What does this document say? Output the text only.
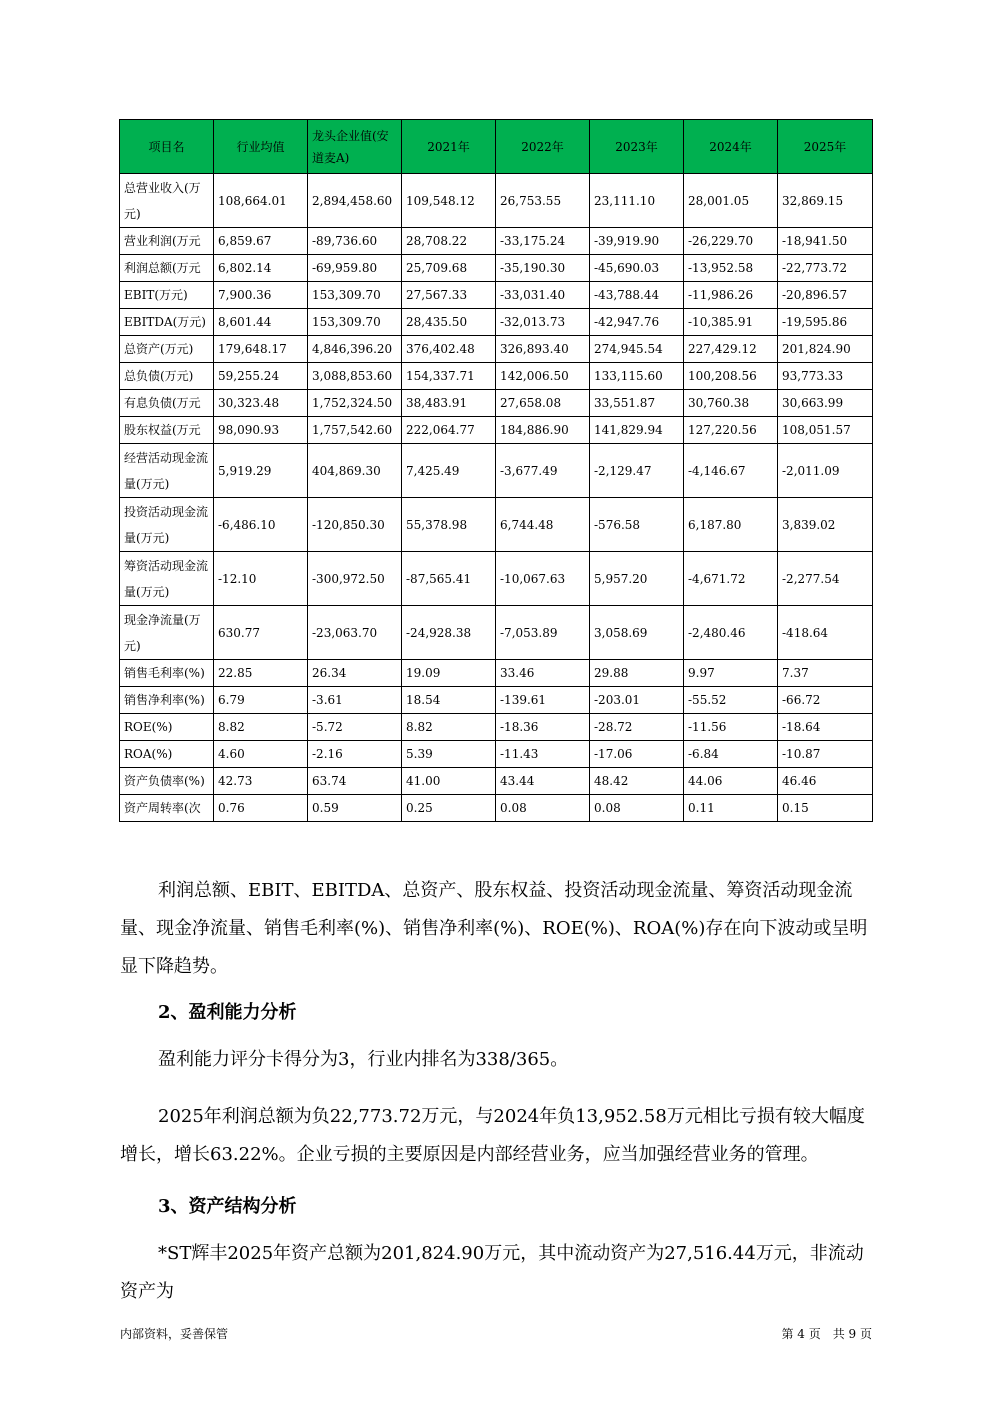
项目名	行业均值	龙头企业值(安道麦A)	2021年	2022年	2023年	2024年	2025年
总营业收入(万元)	108,664.01	2,894,458.60	109,548.12	26,753.55	23,111.10	28,001.05	32,869.15
营业利润(万元	6,859.67	-89,736.60	28,708.22	-33,175.24	-39,919.90	-26,229.70	-18,941.50
利润总额(万元	6,802.14	-69,959.80	25,709.68	-35,190.30	-45,690.03	-13,952.58	-22,773.72
EBIT(万元)	7,900.36	153,309.70	27,567.33	-33,031.40	-43,788.44	-11,986.26	-20,896.57
EBITDA(万元)	8,601.44	153,309.70	28,435.50	-32,013.73	-42,947.76	-10,385.91	-19,595.86
总资产(万元)	179,648.17	4,846,396.20	376,402.48	326,893.40	274,945.54	227,429.12	201,824.90
总负债(万元)	59,255.24	3,088,853.60	154,337.71	142,006.50	133,115.60	100,208.56	93,773.33
有息负债(万元	30,323.48	1,752,324.50	38,483.91	27,658.08	33,551.87	30,760.38	30,663.99
股东权益(万元	98,090.93	1,757,542.60	222,064.77	184,886.90	141,829.94	127,220.56	108,051.57
经营活动现金流量(万元)	5,919.29	404,869.30	7,425.49	-3,677.49	-2,129.47	-4,146.67	-2,011.09
投资活动现金流量(万元)	-6,486.10	-120,850.30	55,378.98	6,744.48	-576.58	6,187.80	3,839.02
筹资活动现金流量(万元)	-12.10	-300,972.50	-87,565.41	-10,067.63	5,957.20	-4,671.72	-2,277.54
现金净流量(万元)	630.77	-23,063.70	-24,928.38	-7,053.89	3,058.69	-2,480.46	-418.64
销售毛利率(%)	22.85	26.34	19.09	33.46	29.88	9.97	7.37
销售净利率(%)	6.79	-3.61	18.54	-139.61	-203.01	-55.52	-66.72
ROE(%)	8.82	-5.72	8.82	-18.36	-28.72	-11.56	-18.64
ROA(%)	4.60	-2.16	5.39	-11.43	-17.06	-6.84	-10.87
资产负债率(%)	42.73	63.74	41.00	43.44	48.42	44.06	46.46
资产周转率(次	0.76	0.59	0.25	0.08	0.08	0.11	0.15

利润总额、EBIT、EBITDA、总资产、股东权益、投资活动现金流量、筹资活动现金流量、现金净流量、销售毛利率(%)、销售净利率(%)、ROE(%)、ROA(%)存在向下波动或呈明显下降趋势。

2、盈利能力分析

盈利能力评分卡得分为3，行业内排名为338/365。

2025年利润总额为负22,773.72万元，与2024年负13,952.58万元相比亏损有较大幅度增长，增长63.22%。企业亏损的主要原因是内部经营业务，应当加强经营业务的管理。

3、资产结构分析

*ST辉丰2025年资产总额为201,824.90万元，其中流动资产为27,516.44万元，非流动资产为

内部资料，妥善保管	第 4 页　共 9 页
